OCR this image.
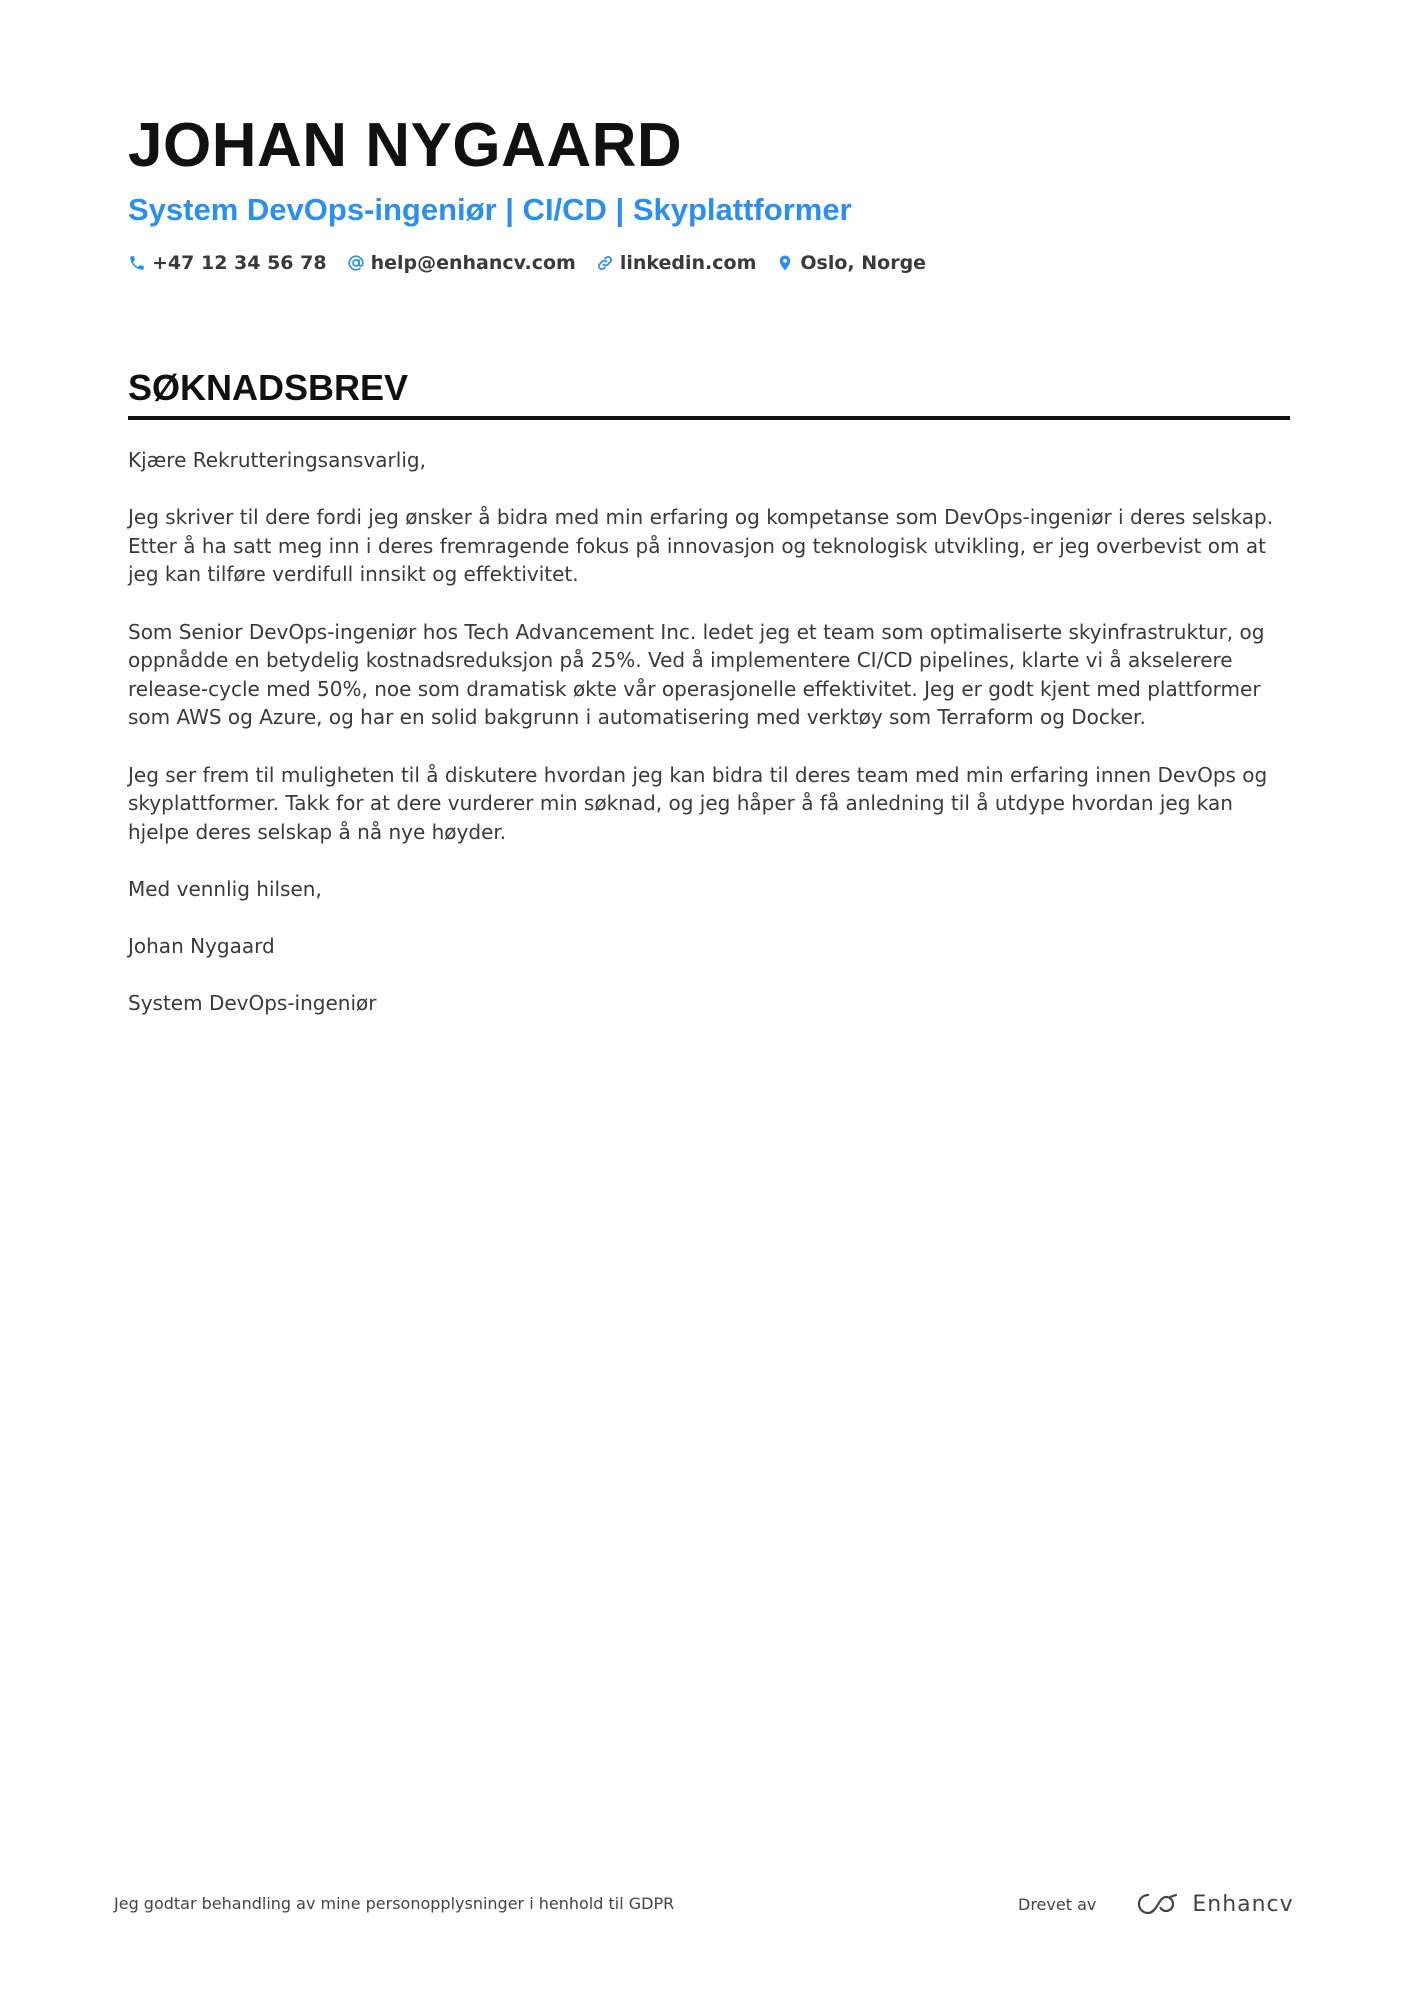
JOHAN NYGAARD
System DevOps-ingeniør | CI/CD | Skyplattformer
+47 12 34 56 78 help@enhancv.com linkedin.com Oslo, Norge
SØKNADSBREV

Kjære Rekrutteringsansvarlig,

Jeg skriver til dere fordi jeg ønsker å bidra med min erfaring og kompetanse som DevOps-ingeniør i deres selskap. Etter å ha satt meg inn i deres fremragende fokus på innovasjon og teknologisk utvikling, er jeg overbevist om at jeg kan tilføre verdifull innsikt og effektivitet.

Som Senior DevOps-ingeniør hos Tech Advancement Inc. ledet jeg et team som optimaliserte skyinfrastruktur, og oppnådde en betydelig kostnadsreduksjon på 25%. Ved å implementere CI/CD pipelines, klarte vi å akselerere release-cycle med 50%, noe som dramatisk økte vår operasjonelle effektivitet. Jeg er godt kjent med plattformer som AWS og Azure, og har en solid bakgrunn i automatisering med verktøy som Terraform og Docker.

Jeg ser frem til muligheten til å diskutere hvordan jeg kan bidra til deres team med min erfaring innen DevOps og skyplattformer. Takk for at dere vurderer min søknad, og jeg håper å få anledning til å utdype hvordan jeg kan hjelpe deres selskap å nå nye høyder.

Med vennlig hilsen,

Johan Nygaard

System DevOps-ingeniør

Jeg godtar behandling av mine personopplysninger i henhold til GDPR	Drevet av	Enhancv
